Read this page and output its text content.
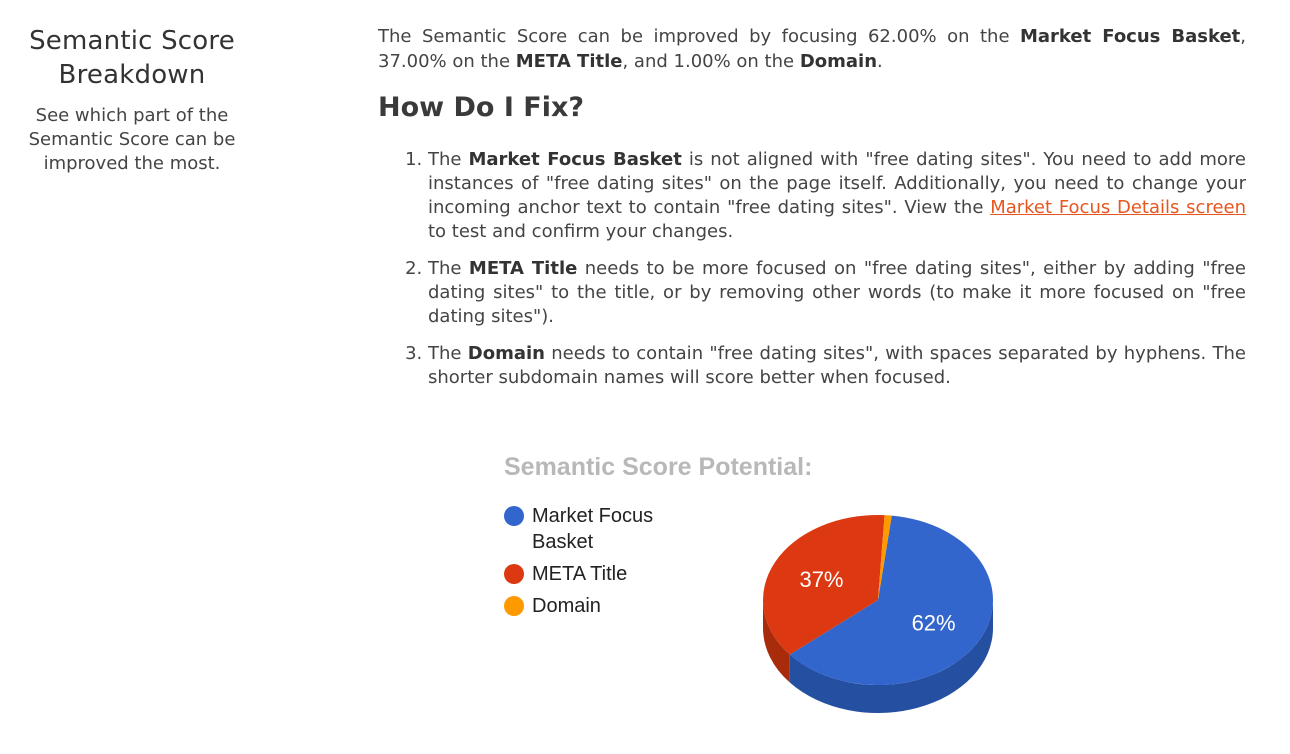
Semantic Score
Breakdown

See which part of the Semantic Score can be improved the most.

The Semantic Score can be improved by focusing 62.00% on the Market Focus Basket, 37.00% on the META Title, and 1.00% on the Domain.

How Do I Fix?
1. The Market Focus Basket is not aligned with "free dating sites". You need to add more instances of "free dating sites" on the page itself. Additionally, you need to change your incoming anchor text to contain "free dating sites". View the Market Focus Details screen to test and confirm your changes.
2. The META Title needs to be more focused on "free dating sites", either by adding "free dating sites" to the title, or by removing other words (to make it more focused on "free dating sites").
3. The Domain needs to contain "free dating sites", with spaces separated by hyphens. The shorter subdomain names will score better when focused.

Semantic Score Potential:

Market Focus Basket
META Title
Domain
62%
37%
